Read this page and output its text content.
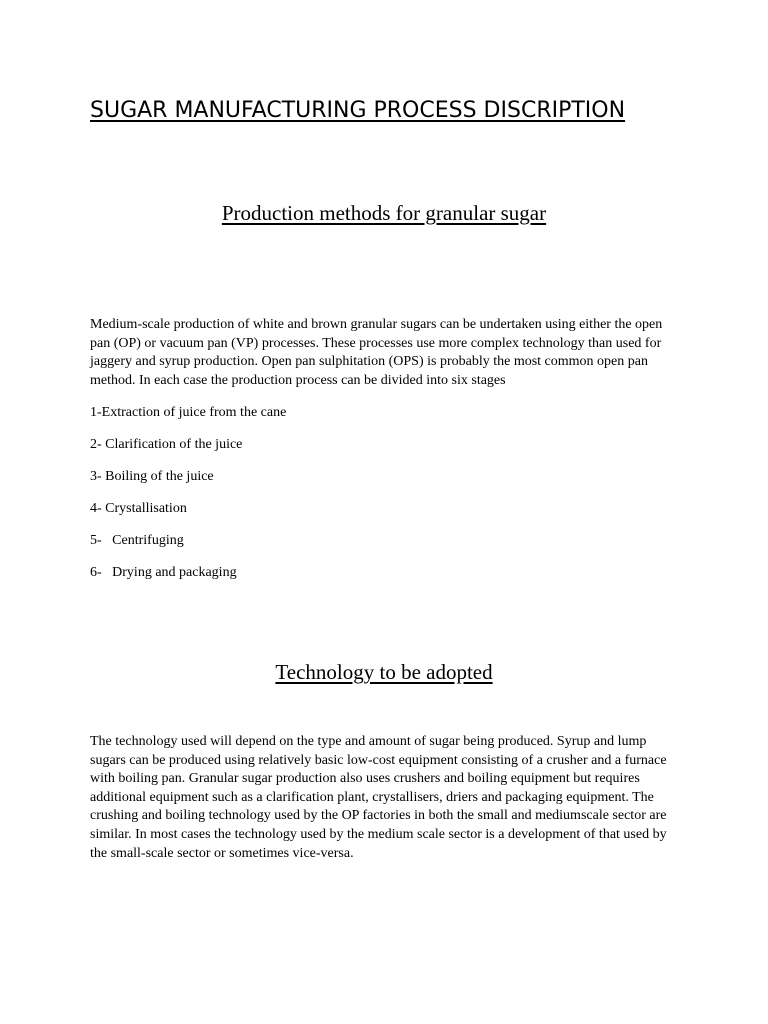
SUGAR MANUFACTURING PROCESS DISCRIPTION
Production methods for granular sugar

Medium-scale production of white and brown granular sugars can be undertaken using either the open pan (OP) or vacuum pan (VP) processes. These processes use more complex technology than used for jaggery and syrup production. Open pan sulphitation (OPS) is probably the most common open pan method. In each case the production process can be divided into six stages

1-Extraction of juice from the cane

2- Clarification of the juice

3- Boiling of the juice

4- Crystallisation

5-   Centrifuging

6-   Drying and packaging

Technology to be adopted

The technology used will depend on the type and amount of sugar being produced. Syrup and lump sugars can be produced using relatively basic low-cost equipment consisting of a crusher and a furnace with boiling pan. Granular sugar production also uses crushers and boiling equipment but requires additional equipment such as a clarification plant, crystallisers, driers and packaging equipment. The crushing and boiling technology used by the OP factories in both the small and mediumscale sector are similar. In most cases the technology used by the medium scale sector is a development of that used by the small-scale sector or sometimes vice-versa.
